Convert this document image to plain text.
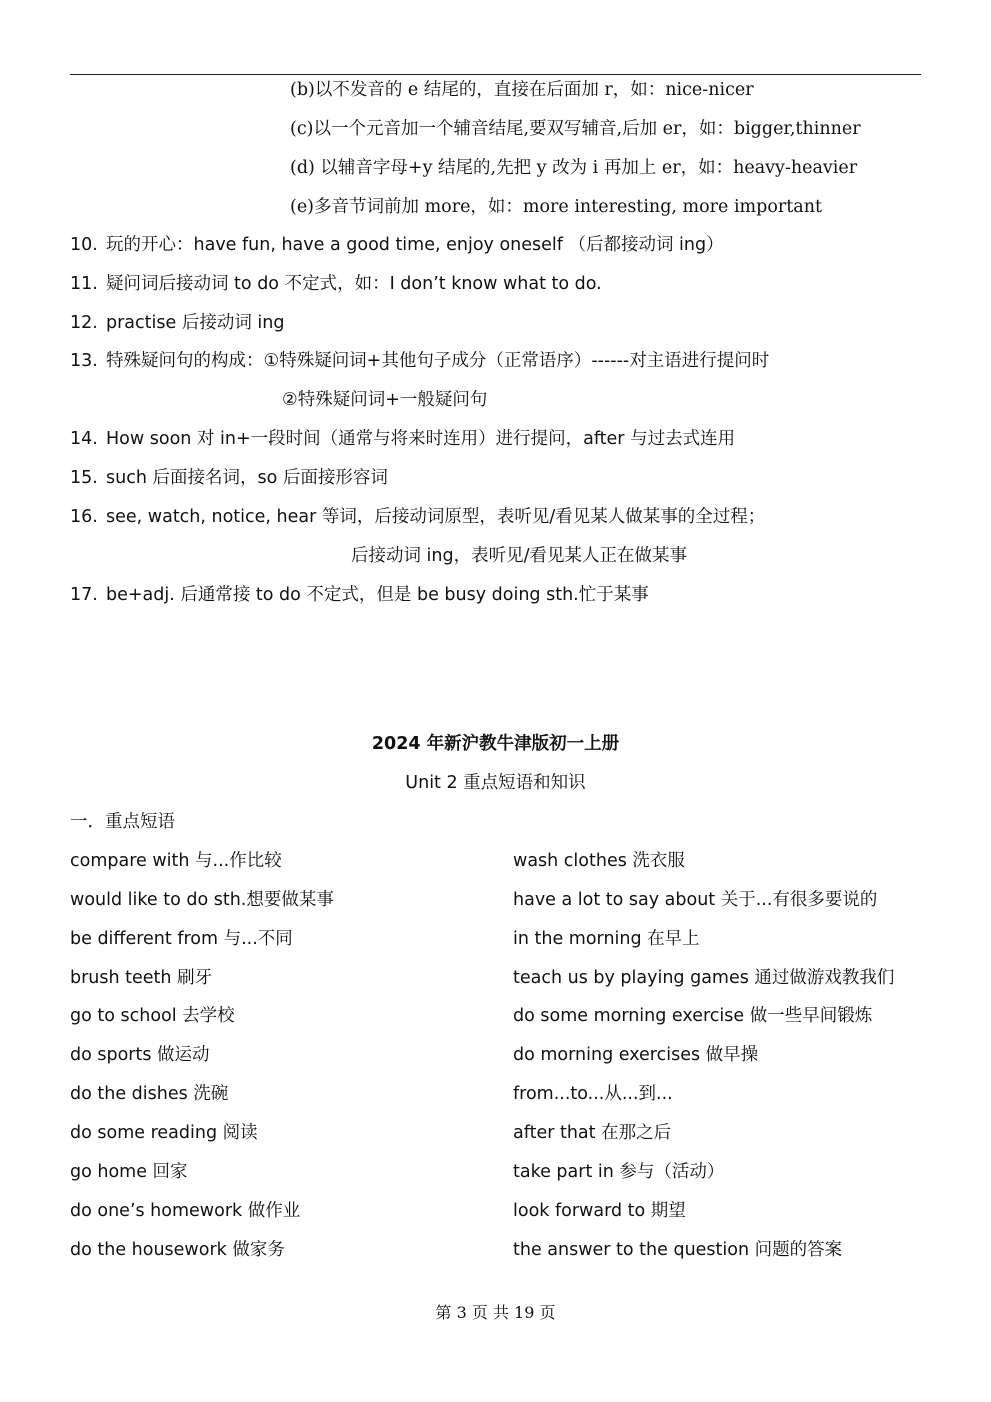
(b)以不发音的 e 结尾的，直接在后面加 r，如：nice-nicer
(c)以一个元音加一个辅音结尾,要双写辅音,后加 er，如：bigger,thinner
(d) 以辅音字母+y 结尾的,先把 y 改为 i 再加上 er，如：heavy-heavier
(e)多音节词前加 more，如：more interesting, more important
10. 玩的开心：have fun, have a good time, enjoy oneself （后都接动词 ing）
11. 疑问词后接动词 to do 不定式，如：I don’t know what to do.
12. practise 后接动词 ing
13. 特殊疑问句的构成：①特殊疑问词+其他句子成分（正常语序）------对主语进行提问时
②特殊疑问词+一般疑问句
14. How soon 对 in+一段时间（通常与将来时连用）进行提问，after 与过去式连用
15. such 后面接名词，so 后面接形容词
16. see, watch, notice, hear 等词，后接动词原型，表听见/看见某人做某事的全过程；
后接动词 ing，表听见/看见某人正在做某事
17. be+adj. 后通常接 to do 不定式，但是 be busy doing sth.忙于某事
2024 年新沪教牛津版初一上册
Unit 2 重点短语和知识
一．重点短语
compare with 与...作比较
would like to do sth.想要做某事
be different from 与...不同
brush teeth 刷牙
go to school 去学校
do sports 做运动
do the dishes 洗碗
do some reading 阅读
go home 回家
do one’s homework 做作业
do the housework 做家务
wash clothes 洗衣服
have a lot to say about 关于...有很多要说的
in the morning 在早上
teach us by playing games 通过做游戏教我们
do some morning exercise 做一些早间锻炼
do morning exercises 做早操
from...to...从...到...
after that 在那之后
take part in 参与（活动）
look forward to 期望
the answer to the question 问题的答案
第 3 页 共 19 页
